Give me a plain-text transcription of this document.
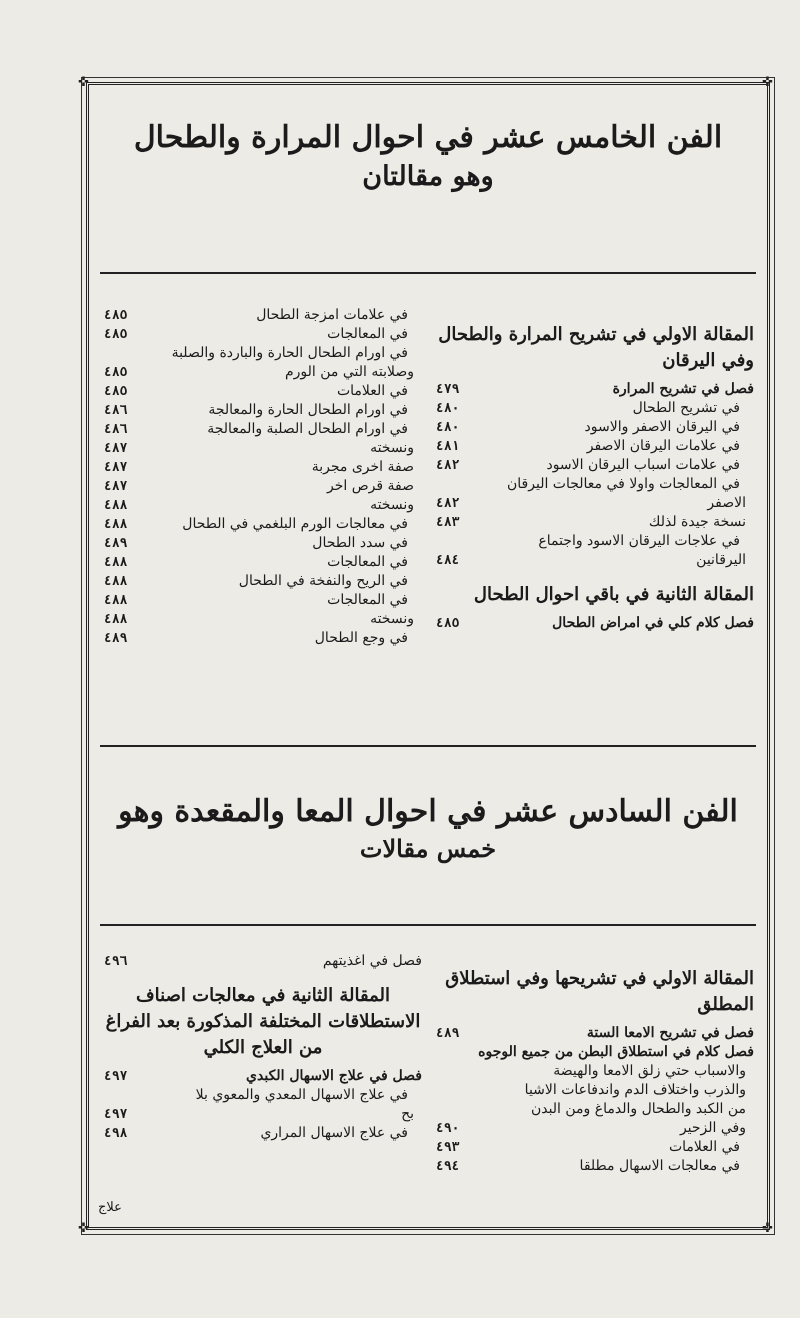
✜	✜
✜	✜
الفن الخامس عشر في احوال المرارة والطحال
وهو مقالتان
المقالة الاولي في تشريح المرارة والطحال وفي اليرقان
فصل في تشريح المرارة
٤٧٩
في تشريح الطحال
٤٨٠
في اليرقان الاصفر والاسود
٤٨٠
في علامات اليرقان الاصفر
٤٨١
في علامات اسباب اليرقان الاسود
٤٨٢
في المعالجات واولا في معالجات اليرقان
الاصفر
٤٨٢
نسخة جيدة لذلك
٤٨٣
في علاجات اليرقان الاسود واجتماع
اليرقانين
٤٨٤
المقالة الثانية في باقي احوال الطحال
فصل كلام كلي في امراض الطحال
٤٨٥
في علامات امزجة الطحال
٤٨٥
في المعالجات
٤٨٥
في اورام الطحال الحارة والباردة والصلبة
وصلابته التي من الورم
٤٨٥
في العلامات
٤٨٥
في اورام الطحال الحارة والمعالجة
٤٨٦
في اورام الطحال الصلبة والمعالجة
٤٨٦
ونسخته
٤٨٧
صفة اخرى مجربة
٤٨٧
صفة قرص اخر
٤٨٧
ونسخته
٤٨٨
في معالجات الورم البلغمي في الطحال
٤٨٨
في سدد الطحال
٤٨٩
في المعالجات
٤٨٨
في الريح والنفخة في الطحال
٤٨٨
في المعالجات
٤٨٨
ونسخته
٤٨٨
في وجع الطحال
٤٨٩
الفن السادس عشر في احوال المعا والمقعدة وهو
خمس مقالات
المقالة الاولي في تشريحها وفي استطلاق المطلق
فصل في تشريح الامعا الستة
٤٨٩
فصل كلام في استطلاق البطن من جميع الوجوه
والاسباب حتي زلق الامعا والهيضة
والذرب واختلاف الدم واندفاعات الاشيا
من الكبد والطحال والدماغ ومن البدن
وفي الزحير
٤٩٠
في العلامات
٤٩٣
في معالجات الاسهال مطلقا
٤٩٤
فصل في اغذيتهم
٤٩٦
المقالة الثانية في معالجات اصناف الاستطلاقات المختلفة المذكورة بعد الفراغ من العلاج الكلي
فصل في علاج الاسهال الكبدي
٤٩٧
في علاج الاسهال المعدي والمعوي بلا
بح
٤٩٧
في علاج الاسهال المراري
٤٩٨
علاج
